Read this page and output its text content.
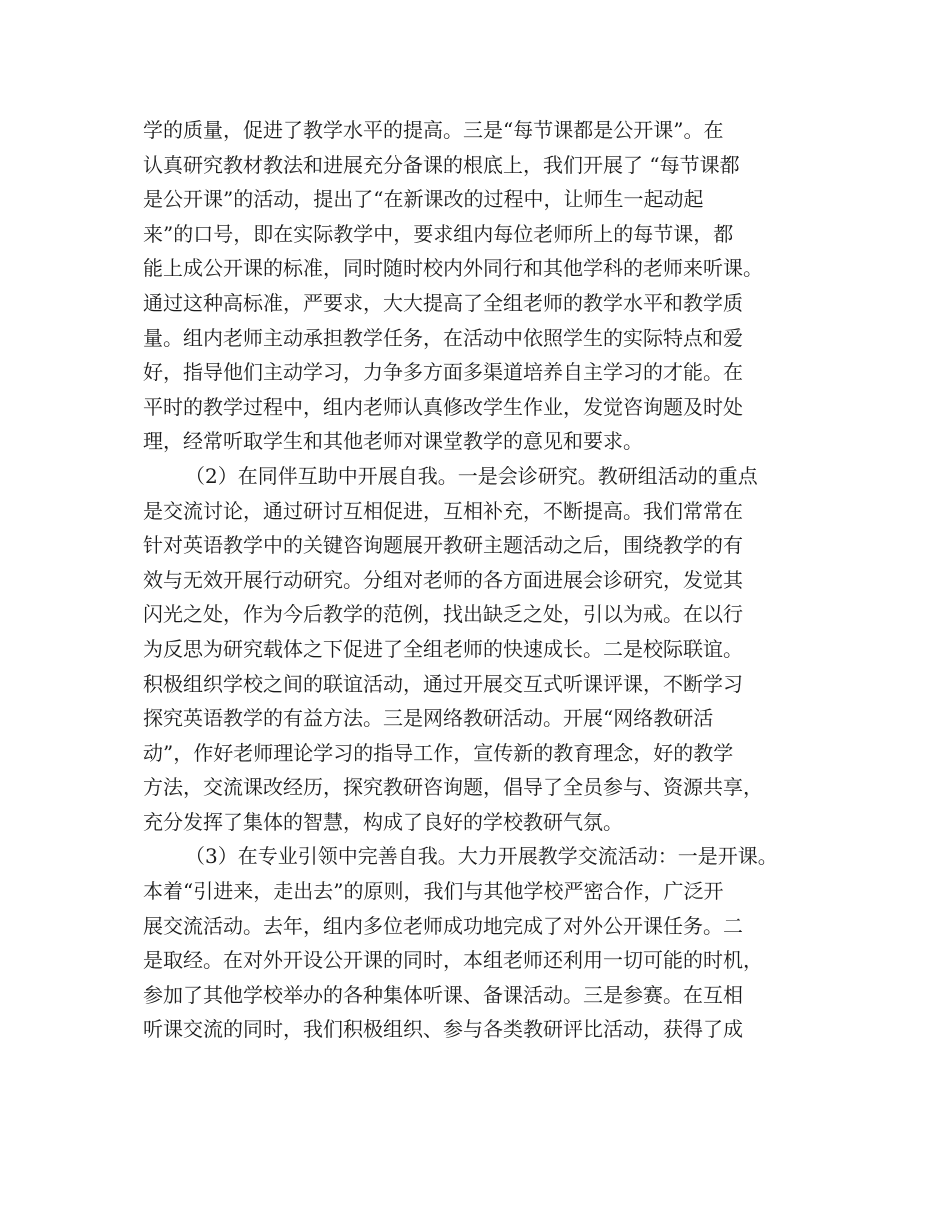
学的质量，促进了教学水平的提高。三是“每节课都是公开课”。在
认真研究教材教法和进展充分备课的根底上，我们开展了 “每节课都
是公开课”的活动，提出了“在新课改的过程中，让师生一起动起
来”的口号，即在实际教学中，要求组内每位老师所上的每节课，都
能上成公开课的标准，同时随时校内外同行和其他学科的老师来听课。
通过这种高标准，严要求，大大提高了全组老师的教学水平和教学质
量。组内老师主动承担教学任务，在活动中依照学生的实际特点和爱
好，指导他们主动学习，力争多方面多渠道培养自主学习的才能。在
平时的教学过程中，组内老师认真修改学生作业，发觉咨询题及时处
理，经常听取学生和其他老师对课堂教学的意见和要求。
（2）在同伴互助中开展自我。一是会诊研究。教研组活动的重点
是交流讨论，通过研讨互相促进，互相补充，不断提高。我们常常在
针对英语教学中的关键咨询题展开教研主题活动之后，围绕教学的有
效与无效开展行动研究。分组对老师的各方面进展会诊研究，发觉其
闪光之处，作为今后教学的范例，找出缺乏之处，引以为戒。在以行
为反思为研究载体之下促进了全组老师的快速成长。二是校际联谊。
积极组织学校之间的联谊活动，通过开展交互式听课评课，不断学习
探究英语教学的有益方法。三是网络教研活动。开展“网络教研活
动”，作好老师理论学习的指导工作，宣传新的教育理念，好的教学
方法，交流课改经历，探究教研咨询题，倡导了全员参与、资源共享，
充分发挥了集体的智慧，构成了良好的学校教研气氛。
（3）在专业引领中完善自我。大力开展教学交流活动：一是开课。
本着“引进来，走出去”的原则，我们与其他学校严密合作，广泛开
展交流活动。去年，组内多位老师成功地完成了对外公开课任务。二
是取经。在对外开设公开课的同时，本组老师还利用一切可能的时机，
参加了其他学校举办的各种集体听课、备课活动。三是参赛。在互相
听课交流的同时，我们积极组织、参与各类教研评比活动，获得了成
